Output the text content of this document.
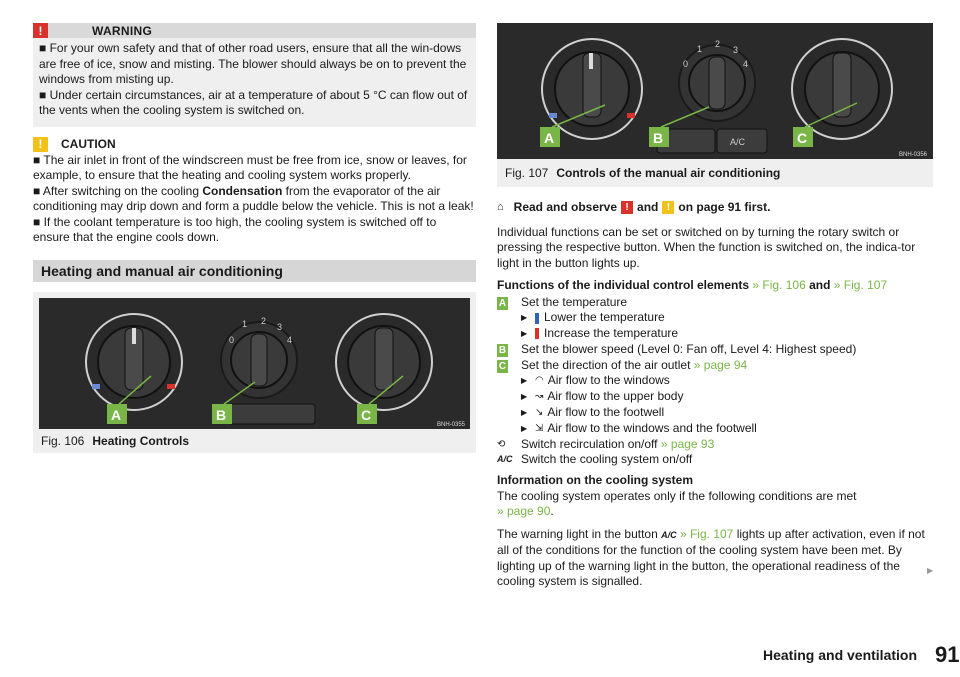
!	WARNING

■ For your own safety and that of other road users, ensure that all the win-dows are free of ice, snow and misting. The blower should always be on to prevent the windows from misting up.

■ Under certain circumstances, air at a temperature of about 5 °C can flow out of the vents when the cooling system is switched on.

!	CAUTION

■ The air inlet in front of the windscreen must be free from ice, snow or leaves, for example, to ensure that the heating and cooling system works properly.

■ After switching on the cooling Condensation from the evaporator of the air conditioning may drip down and form a puddle below the vehicle. This is not a leak!

■ If the coolant temperature is too high, the cooling system is switched off to ensure that the engine cools down.

Heating and manual air conditioning
0
1 2
3
4
A	B	C
BNH-0355
Fig. 106 Heating Controls
0
1 2
3
4
A/C
A	B	C
BNH-0356
Fig. 107 Controls of the manual air conditioning

⌂ Read and observe ! and ! on page 91 first.

Individual functions can be set or switched on by turning the rotary switch or pressing the respective button. When the function is switched on, the indica-tor light in the button lights up.

Functions of the individual control elements » Fig. 106 and » Fig. 107

A	Set the temperature
▶	Lower the temperature
▶	Increase the temperature
B	Set the blower speed (Level 0: Fan off, Level 4: Highest speed)
C	Set the direction of the air outlet » page 94
▶ ◠ Air flow to the windows
▶ ↝ Air flow to the upper body
▶ ↘ Air flow to the footwell
▶ ⇲ Air flow to the windows and the footwell
⟲	Switch recirculation on/off » page 93
A/C Switch the cooling system on/off

Information on the cooling system

The cooling system operates only if the following conditions are met
» page 90.

The warning light in the button A/C » Fig. 107 lights up after activation, even if not all of the conditions for the function of the cooling system have been met. By lighting up of the warning light in the button, the operational readiness of the cooling system is signalled.

▶
Heating and ventilation 91
